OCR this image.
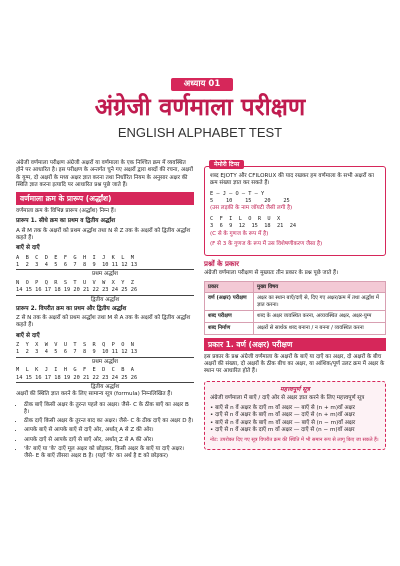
अध्याय 01
अंग्रेजी वर्णमाला परीक्षण
ENGLISH ALPHABET TEST

अंग्रेजी वर्णमाला परीक्षण अंग्रेजी अक्षरों या वर्णमाला के एक निश्चित क्रम में व्यवस्थित होने पर आधारित है। इस परीक्षण के अन्तर्गत चुने गए अक्षरों द्वारा शब्दों की रचना, अक्षरों के युग्म, दो अक्षरों के मध्य अक्षर ज्ञात करना तथा निर्धारित नियम के अनुसार अक्षर की स्थिति ज्ञात करना इत्यादि पर आधारित प्रश्न पूछे जाते हैं।

वर्णमाला क्रम के प्रारूप (अर्द्धांश)

वर्णमाला क्रम के विभिन्न प्रारूप (अर्द्धांश) निम्न हैं।

प्रारूप 1. सीधे क्रम का प्रथम व द्वितीय अर्द्धांश

A से M तक के अक्षरों को प्रथम अर्द्धांश तथा N से Z तक के अक्षरों को द्वितीय अर्द्धांश कहते हैं।

बाएँ से दाएँ
A  B  C  D  E  F  G  H  I  J  K  L  M
1  2  3  4  5  6  7  8  9  10 11 12 13
प्रथम अर्द्धांश
N  O  P  Q  R  S  T  U  V  W  X  Y  Z
14 15 16 17 18 19 20 21 22 23 24 25 26
द्वितीय अर्द्धांश
प्रारूप 2. विपरीत क्रम का प्रथम और द्वितीय अर्द्धांश

Z से N तक के अक्षरों को प्रथम अर्द्धांश तथा M से A तक के अक्षरों को द्वितीय अर्द्धांश कहते हैं।

बाएँ से दाएँ
Z  Y  X  W  V  U  T  S  R  Q  P  O  N
1  2  3  4  5  6  7  8  9  10 11 12 13
प्रथम अर्द्धांश
M  L  K  J  I  H  G  F  E  D  C  B  A
14 15 16 17 18 19 20 21 22 23 24 25 26
द्वितीय अर्द्धांश

अक्षरों की स्थिति ज्ञात करने के लिए सामान्य सूत्र (formula) निम्नलिखित हैं।

• ठीक बाएँ किसी अक्षर के तुरन्त पहले का अक्षर। जैसे- C के ठीक बाएँ का अक्षर B है।
• ठीक दाएँ किसी अक्षर के तुरन्त बाद का अक्षर। जैसे- C के ठीक दाएँ का अक्षर D है।
• आपके बाएँ से आपके बाएँ से दाएँ ओर, अर्थात् A से Z की ओर।
• आपके दाएँ से आपके दाएँ से बाएँ ओर, अर्थात् Z से A की ओर।
• 'के' बाएँ या 'के' दाएँ मूल अक्षर को छोड़कर, किसी अक्षर के बाएँ या दाएँ अक्षर। जैसे- E के बाएँ तीसरा अक्षर B है। (यहाँ 'के' का अर्थ है E को छोड़कर)
मेमोरी टिप्स

शब्द EJOTY और CFILORUX की याद रखकर हम वर्णमाला के सभी अक्षरों का क्रम संख्या ज्ञात कर सकते हैं।

E — J — O — T — Y
5    10    15    20    25

(उस लड़की के नाम जॉयटी जैसी लगी है)

C  F  I  L  O  R  U  X
3  6  9  12  15  18  21  24

(C से के गुणज के रूप में है)

(F से 3 के गुणज के रूप में उस विशेषणीकरण जैसा है)

प्रश्नों के प्रकार

अंग्रेजी वर्णमाला परीक्षण से मुख्यतः तीन प्रकार के प्रश्न पूछे जाते हैं।

प्रकार	मुख्य विषय
वर्ण (अक्षर) परीक्षण	अक्षर का स्थान बाएँ/दाएँ से, दिए गए अक्षर/क्रम में तथा अर्द्धांश में ज्ञात करना।
शब्द परीक्षण	शब्द के अक्षर व्यवस्थित करना, अव्यवस्थित अक्षर, अक्षर-युग्म
शब्द निर्माण	अक्षरों से सार्थक शब्द बनाना / न बनना / व्यवस्थित करना
प्रकार 1. वर्ण (अक्षर) परीक्षण

इस प्रकार के प्रश्न अंग्रेजी वर्णमाला के अक्षरों के बाएँ या दाएँ का अक्षर, दो अक्षरों के बीच अक्षरों की संख्या, दो अक्षरों के ठीक बीच का अक्षर, या आंशिक/पूर्ण उलट क्रम में अक्षर के स्थान पर आधारित होते हैं।

महत्त्वपूर्ण सूत्र

अंग्रेजी वर्णमाला में बाएँ / दाएँ ओर से अक्षर ज्ञात करने के लिए महत्त्वपूर्ण सूत्र

• बाएँ से n वें अक्षर के दाएँ m वाँ अक्षर — बाएँ से (n + m)वाँ अक्षर
• दाएँ से n वें अक्षर के बाएँ m वाँ अक्षर — दाएँ से (n + m)वाँ अक्षर
• बाएँ से n वें अक्षर के बाएँ m वाँ अक्षर — बाएँ से (n − m)वाँ अक्षर
• दाएँ से n वें अक्षर के दाएँ m वाँ अक्षर — दाएँ से (n − m)वाँ अक्षर
नोट: उपरोक्त दिए गए सूत्र विपरीत क्रम की स्थिति में भी समान रूप से लागू किए जा सकते हैं।
